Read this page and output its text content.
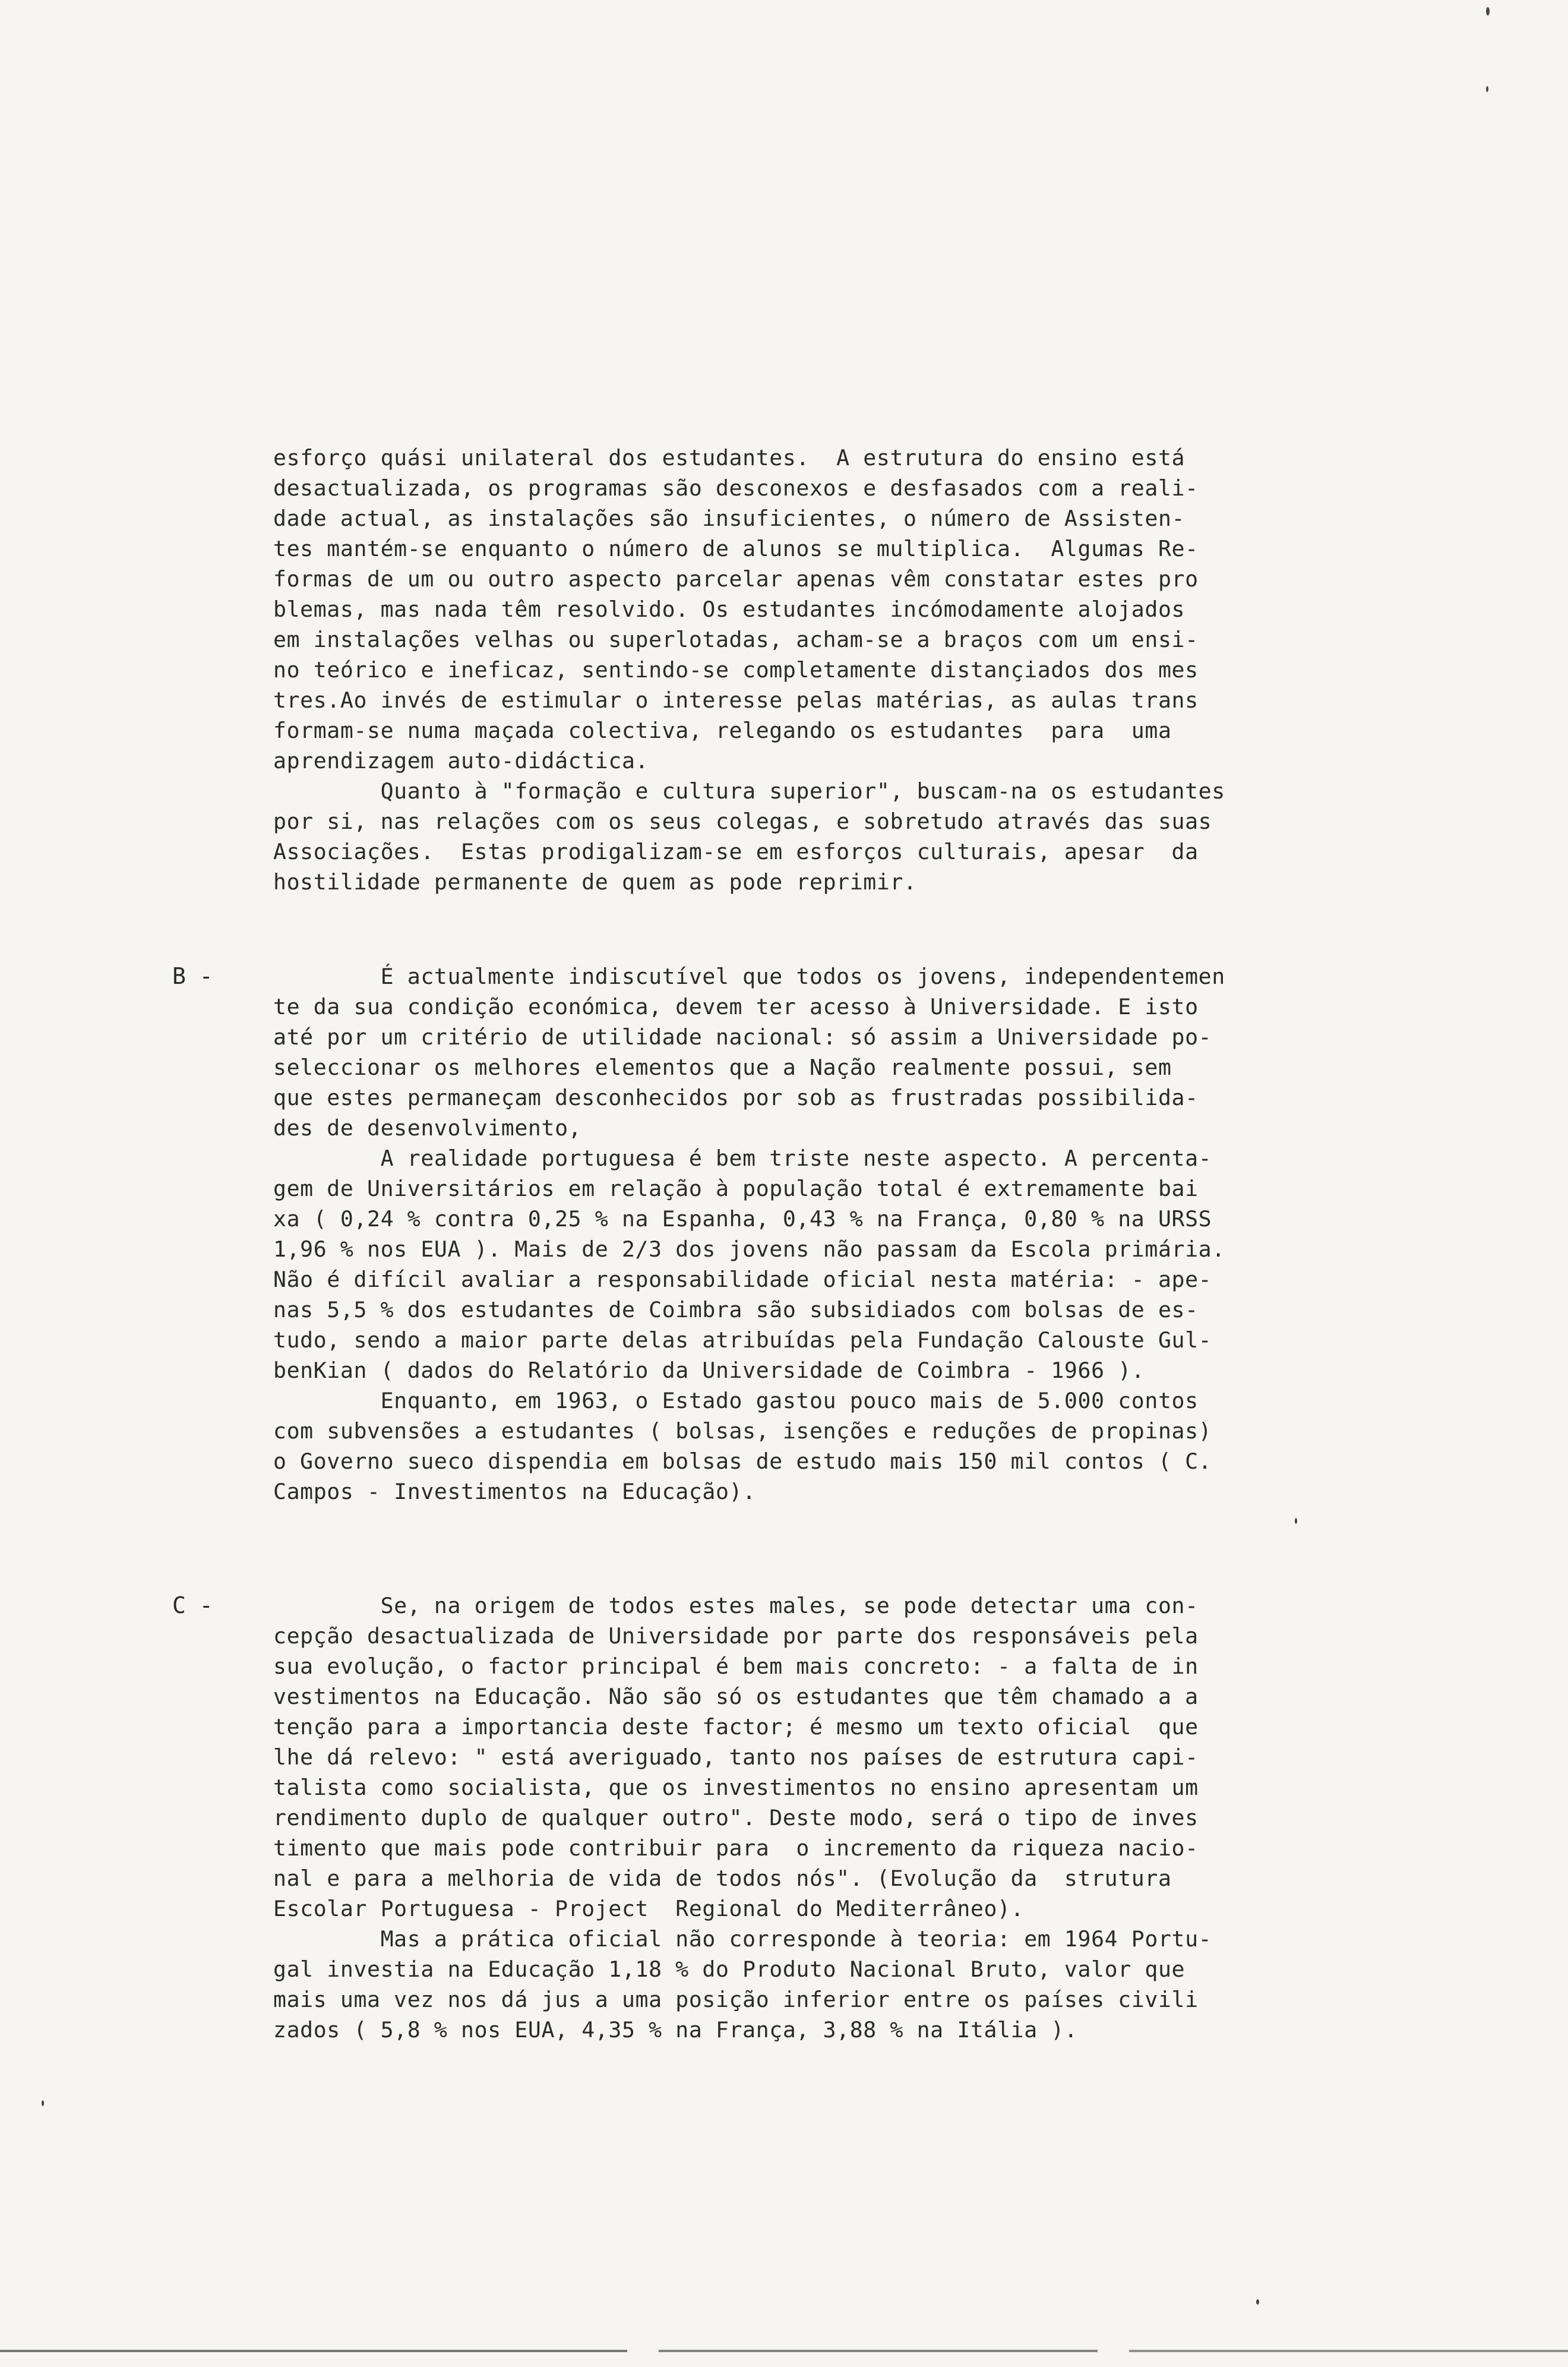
esforço quási unilateral dos estudantes.  A estrutura do ensino está
desactualizada, os programas são desconexos e desfasados com a reali-
dade actual, as instalações são insuficientes, o número de Assisten-
tes mantém-se enquanto o número de alunos se multiplica.  Algumas Re-
formas de um ou outro aspecto parcelar apenas vêm constatar estes pro
blemas, mas nada têm resolvido. Os estudantes incómodamente alojados
em instalações velhas ou superlotadas, acham-se a braços com um ensi-
no teórico e ineficaz, sentindo-se completamente distançiados dos mes
tres.Ao invés de estimular o interesse pelas matérias, as aulas trans
formam-se numa maçada colectiva, relegando os estudantes  para  uma
aprendizagem auto-didáctica.
Quanto à "formação e cultura superior", buscam-na os estudantes
por si, nas relações com os seus colegas, e sobretudo através das suas
Associações.  Estas prodigalizam-se em esforços culturais, apesar  da
hostilidade permanente de quem as pode reprimir.
B -	É actualmente indiscutível que todos os jovens, independentemen
te da sua condição económica, devem ter acesso à Universidade. E isto
até por um critério de utilidade nacional: só assim a Universidade po-
seleccionar os melhores elementos que a Nação realmente possui, sem
que estes permaneçam desconhecidos por sob as frustradas possibilida-
des de desenvolvimento,
A realidade portuguesa é bem triste neste aspecto. A percenta-
gem de Universitários em relação à população total é extremamente bai
xa ( 0,24 % contra 0,25 % na Espanha, 0,43 % na França, 0,80 % na URSS
1,96 % nos EUA ). Mais de 2/3 dos jovens não passam da Escola primária.
Não é difícil avaliar a responsabilidade oficial nesta matéria: - ape-
nas 5,5 % dos estudantes de Coimbra são subsidiados com bolsas de es-
tudo, sendo a maior parte delas atribuídas pela Fundação Calouste Gul-
benKian ( dados do Relatório da Universidade de Coimbra - 1966 ).
Enquanto, em 1963, o Estado gastou pouco mais de 5.000 contos
com subvensões a estudantes ( bolsas, isenções e reduções de propinas)
o Governo sueco dispendia em bolsas de estudo mais 150 mil contos ( C.
Campos - Investimentos na Educação).
C -	Se, na origem de todos estes males, se pode detectar uma con-
cepção desactualizada de Universidade por parte dos responsáveis pela
sua evolução, o factor principal é bem mais concreto: - a falta de in
vestimentos na Educação. Não são só os estudantes que têm chamado a a
tenção para a importancia deste factor; é mesmo um texto oficial  que
lhe dá relevo: " está averiguado, tanto nos países de estrutura capi-
talista como socialista, que os investimentos no ensino apresentam um
rendimento duplo de qualquer outro". Deste modo, será o tipo de inves
timento que mais pode contribuir para  o incremento da riqueza nacio-
nal e para a melhoria de vida de todos nós". (Evolução da  strutura
Escolar Portuguesa - Project  Regional do Mediterrâneo).
Mas a prática oficial não corresponde à teoria: em 1964 Portu-
gal investia na Educação 1,18 % do Produto Nacional Bruto, valor que
mais uma vez nos dá jus a uma posição inferior entre os países civili
zados ( 5,8 % nos EUA, 4,35 % na França, 3,88 % na Itália ).
